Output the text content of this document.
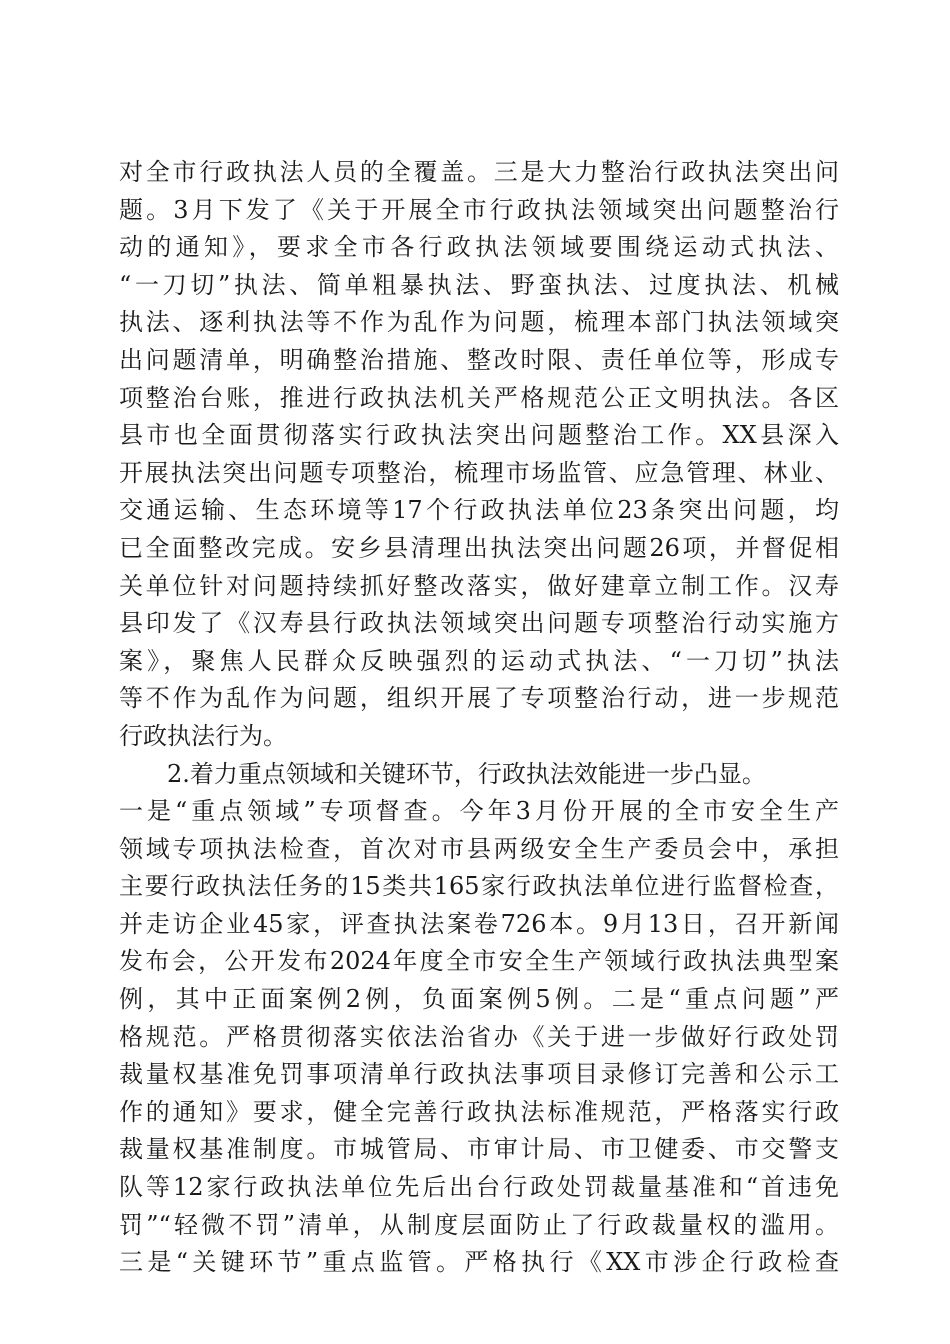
对全市行政执法人员的全覆盖。三是大力整治行政执法突出问
题。3月下发了《关于开展全市行政执法领域突出问题整治行
动的通知》，要求全市各行政执法领域要围绕运动式执法、
“一刀切”执法、简单粗暴执法、野蛮执法、过度执法、机械
执法、逐利执法等不作为乱作为问题，梳理本部门执法领域突
出问题清单，明确整治措施、整改时限、责任单位等，形成专
项整治台账，推进行政执法机关严格规范公正文明执法。各区
县市也全面贯彻落实行政执法突出问题整治工作。XX县深入
开展执法突出问题专项整治，梳理市场监管、应急管理、林业、
交通运输、生态环境等17个行政执法单位23条突出问题，均
已全面整改完成。安乡县清理出执法突出问题26项，并督促相
关单位针对问题持续抓好整改落实，做好建章立制工作。汉寿
县印发了《汉寿县行政执法领域突出问题专项整治行动实施方
案》，聚焦人民群众反映强烈的运动式执法、“一刀切”执法
等不作为乱作为问题，组织开展了专项整治行动，进一步规范
行政执法行为。
2.着力重点领域和关键环节，行政执法效能进一步凸显。
一是“重点领域”专项督查。今年3月份开展的全市安全生产
领域专项执法检查，首次对市县两级安全生产委员会中，承担
主要行政执法任务的15类共165家行政执法单位进行监督检查，
并走访企业45家，评查执法案卷726本。9月13日，召开新闻
发布会，公开发布2024年度全市安全生产领域行政执法典型案
例，其中正面案例2例，负面案例5例。二是“重点问题”严
格规范。严格贯彻落实依法治省办《关于进一步做好行政处罚
裁量权基准免罚事项清单行政执法事项目录修订完善和公示工
作的通知》要求，健全完善行政执法标准规范，严格落实行政
裁量权基准制度。市城管局、市审计局、市卫健委、市交警支
队等12家行政执法单位先后出台行政处罚裁量基准和“首违免
罚”“轻微不罚”清单，从制度层面防止了行政裁量权的滥用。
三是“关键环节”重点监管。严格执行《XX市涉企行政检查
